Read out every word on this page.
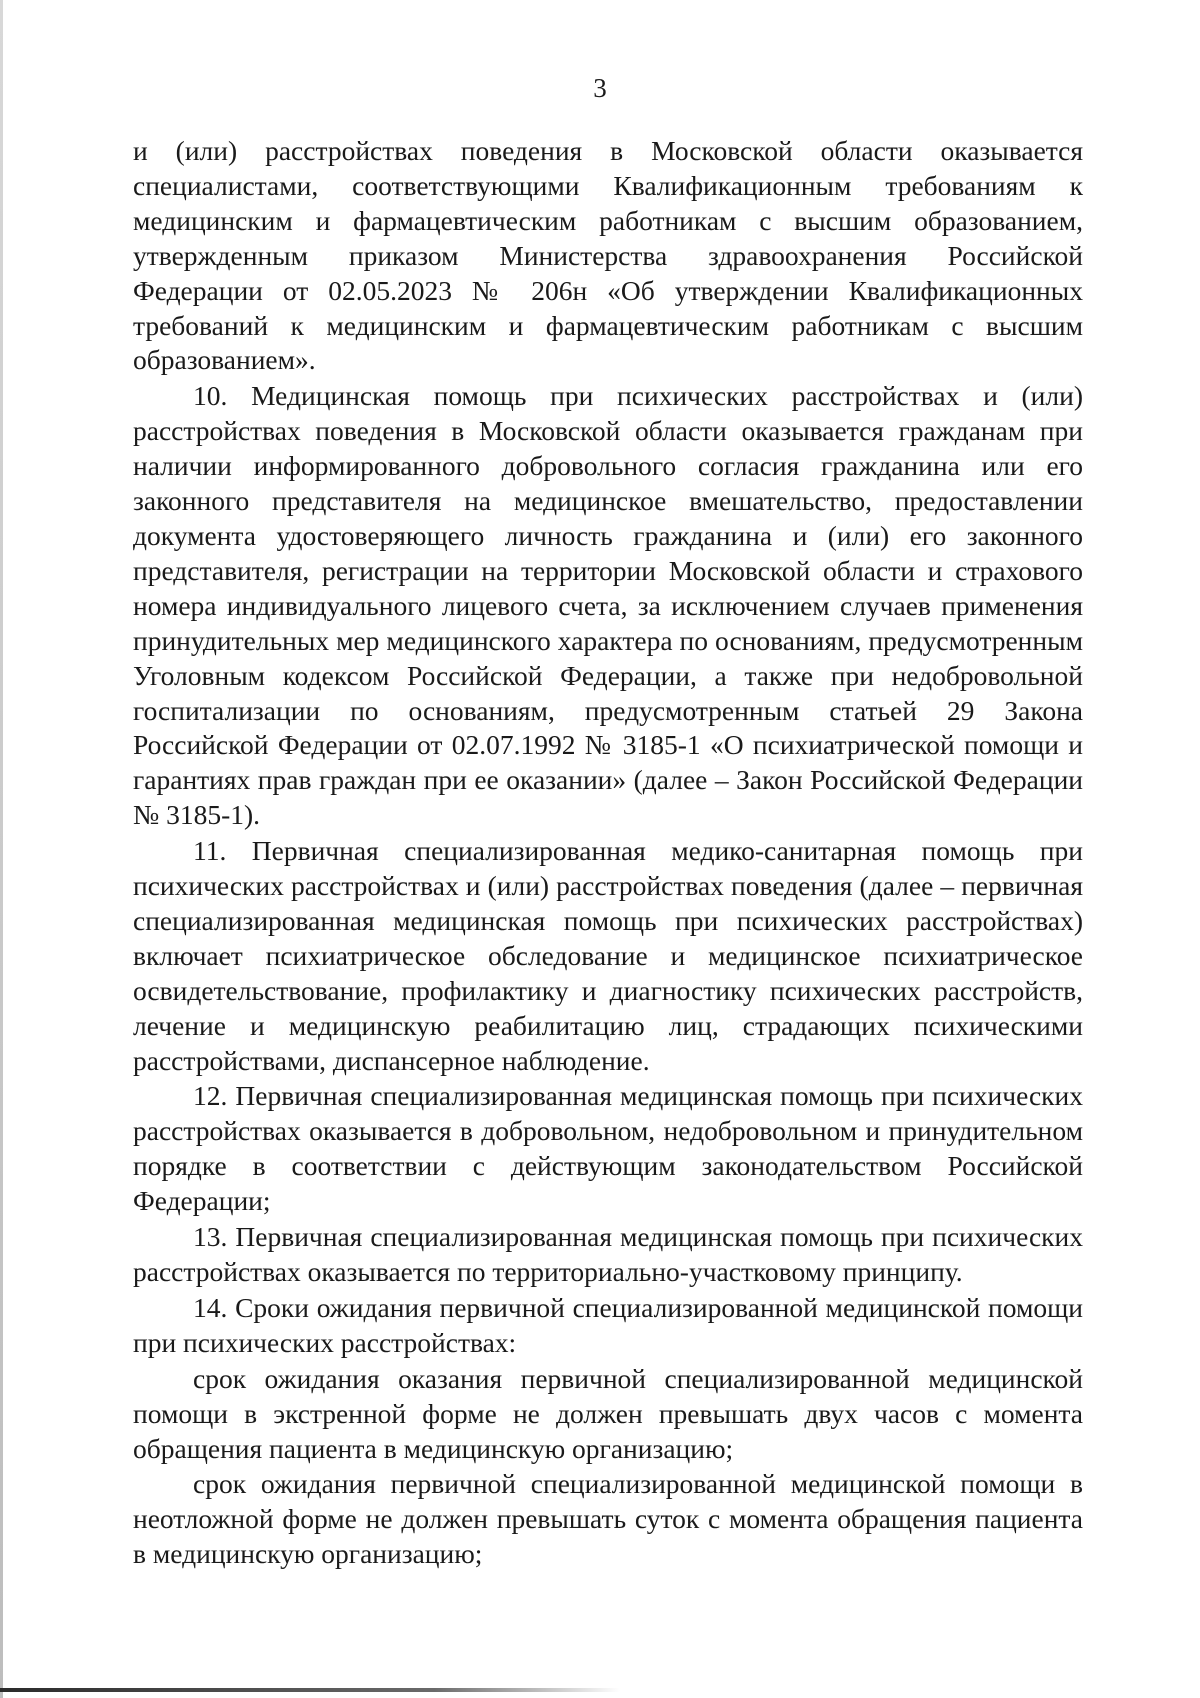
3

и (или) расстройствах поведения в Московской области оказывается специалистами, соответствующими Квалификационным требованиям к медицинским и фармацевтическим работникам с высшим образованием, утвержденным приказом Министерства здравоохранения Российской Федерации от 02.05.2023 № 206н «Об утверждении Квалификационных требований к медицинским и фармацевтическим работникам с высшим образованием».

10. Медицинская помощь при психических расстройствах и (или) расстройствах поведения в Московской области оказывается гражданам при наличии информированного добровольного согласия гражданина или его законного представителя на медицинское вмешательство, предоставлении документа удостоверяющего личность гражданина и (или) его законного представителя, регистрации на территории Московской области и страхового номера индивидуального лицевого счета, за исключением случаев применения принудительных мер медицинского характера по основаниям, предусмотренным Уголовным кодексом Российской Федерации, а также при недобровольной госпитализации по основаниям, предусмотренным статьей 29 Закона Российской Федерации от 02.07.1992 № 3185-1 «О психиатрической помощи и гарантиях прав граждан при ее оказании» (далее – Закон Российской Федерации № 3185-1).

11. Первичная специализированная медико-санитарная помощь при психических расстройствах и (или) расстройствах поведения (далее – первичная специализированная медицинская помощь при психических расстройствах) включает психиатрическое обследование и медицинское психиатрическое освидетельствование, профилактику и диагностику психических расстройств, лечение и медицинскую реабилитацию лиц, страдающих психическими расстройствами, диспансерное наблюдение.

12. Первичная специализированная медицинская помощь при психических расстройствах оказывается в добровольном, недобровольном и принудительном порядке в соответствии с действующим законодательством Российской Федерации;

13. Первичная специализированная медицинская помощь при психических расстройствах оказывается по территориально-участковому принципу.

14. Сроки ожидания первичной специализированной медицинской помощи при психических расстройствах:

срок ожидания оказания первичной специализированной медицинской помощи в экстренной форме не должен превышать двух часов с момента обращения пациента в медицинскую организацию;

срок ожидания первичной специализированной медицинской помощи в неотложной форме не должен превышать суток с момента обращения пациента в медицинскую организацию;
